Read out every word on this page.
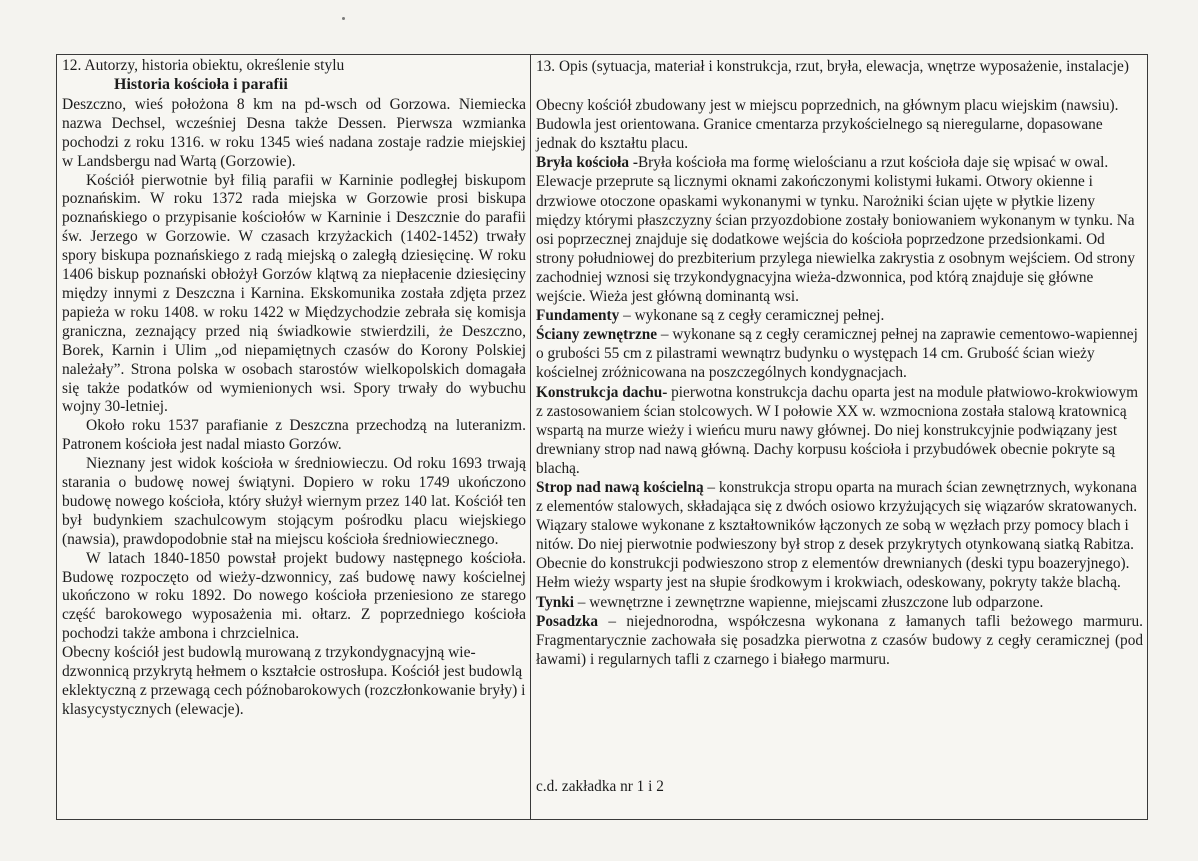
12. Autorzy, historia obiektu, określenie stylu

Historia kościoła i parafii

Deszczno, wieś położona 8 km na pd-wsch od Gorzowa. Niemiecka nazwa Dechsel, wcześniej Desna także Dessen. Pierwsza wzmianka pochodzi z roku 1316. w roku 1345 wieś nadana zostaje radzie miejskiej w Landsbergu nad Wartą (Gorzowie).

Kościół pierwotnie był filią parafii w Karninie podległej biskupom poznańskim. W roku 1372 rada miejska w Gorzowie prosi biskupa poznańskiego o przypisanie kościołów w Karninie i Deszcznie do parafii św. Jerzego w Gorzowie. W czasach krzyżackich (1402-1452) trwały spory biskupa poznańskiego z radą miejską o zaległą dziesięcinę. W roku 1406 biskup poznański obłożył Gorzów klątwą za niepłacenie dziesięciny między innymi z Deszczna i Karnina. Ekskomunika została zdjęta przez papieża w roku 1408. w roku 1422 w Międzychodzie zebrała się komisja graniczna, zeznający przed nią świadkowie stwierdzili, że Deszczno, Borek, Karnin i Ulim „od niepamiętnych czasów do Korony Polskiej należały”. Strona polska w osobach starostów wielkopolskich domagała się także podatków od wymienionych wsi. Spory trwały do wybuchu wojny 30-letniej.

Około roku 1537 parafianie z Deszczna przechodzą na luteranizm. Patronem kościoła jest nadal miasto Gorzów.

Nieznany jest widok kościoła w średniowieczu. Od roku 1693 trwają starania o budowę nowej świątyni. Dopiero w roku 1749 ukończono budowę nowego kościoła, który służył wiernym przez 140 lat. Kościół ten był budynkiem szachulcowym stojącym pośrodku placu wiejskiego (nawsia), prawdopodobnie stał na miejscu kościoła średniowiecznego.

W latach 1840-1850 powstał projekt budowy następnego kościoła. Budowę rozpoczęto od wieży-dzwonnicy, zaś budowę nawy kościelnej ukończono w roku 1892. Do nowego kościoła przeniesiono ze starego część barokowego wyposażenia mi. ołtarz. Z poprzedniego kościoła pochodzi także ambona i chrzcielnica.

Obecny kościół jest budowlą murowaną z trzykondygnacyjną wie-dzwonnicą przykrytą hełmem o kształcie ostrosłupa. Kościół jest budowlą eklektyczną z przewagą cech późnobarokowych (rozczłonkowanie bryły) i klasycystycznych (elewacje).

13. Opis (sytuacja, materiał i konstrukcja, rzut, bryła, elewacja, wnętrze wyposażenie, instalacje)

Obecny kościół zbudowany jest w miejscu poprzednich, na głównym placu wiejskim (nawsiu). Budowla jest orientowana. Granice cmentarza przykościelnego są nieregularne, dopasowane jednak do kształtu placu.

Bryła kościoła -Bryła kościoła ma formę wielościanu a rzut kościoła daje się wpisać w owal. Elewacje przeprute są licznymi oknami zakończonymi kolistymi łukami. Otwory okienne i drzwiowe otoczone opaskami wykonanymi w tynku. Narożniki ścian ujęte w płytkie lizeny między którymi płaszczyzny ścian przyozdobione zostały boniowaniem wykonanym w tynku. Na osi poprzecznej znajduje się dodatkowe wejścia do kościoła poprzedzone przedsionkami. Od strony południowej do prezbiterium przylega niewielka zakrystia z osobnym wejściem. Od strony zachodniej wznosi się trzykondygnacyjna wieża-dzwonnica, pod którą znajduje się główne wejście. Wieża jest główną dominantą wsi.

Fundamenty – wykonane są z cegły ceramicznej pełnej.

Ściany zewnętrzne – wykonane są z cegły ceramicznej pełnej na zaprawie cementowo-wapiennej o grubości 55 cm z pilastrami wewnątrz budynku o występach 14 cm. Grubość ścian wieży kościelnej zróżnicowana na poszczególnych kondygnacjach.

Konstrukcja dachu- pierwotna konstrukcja dachu oparta jest na module płatwiowo-krokwiowym z zastosowaniem ścian stolcowych. W I połowie XX w. wzmocniona została stalową kratownicą wspartą na murze wieży i wieńcu muru nawy głównej. Do niej konstrukcyjnie podwiązany jest drewniany strop nad nawą główną. Dachy korpusu kościoła i przybudówek obecnie pokryte są blachą.

Strop nad nawą kościelną – konstrukcja stropu oparta na murach ścian zewnętrznych, wykonana z elementów stalowych, składająca się z dwóch osiowo krzyżujących się wiązarów skratowanych. Wiązary stalowe wykonane z kształtowników łączonych ze sobą w węzłach przy pomocy blach i nitów. Do niej pierwotnie podwieszony był strop z desek przykrytych otynkowaną siatką Rabitza. Obecnie do konstrukcji podwieszono strop z elementów drewnianych (deski typu boazeryjnego). Hełm wieży wsparty jest na słupie środkowym i krokwiach, odeskowany, pokryty także blachą.

Tynki – wewnętrzne i zewnętrzne wapienne, miejscami złuszczone lub odparzone.

Posadzka – niejednorodna, współczesna wykonana z łamanych tafli beżowego marmuru. Fragmentarycznie zachowała się posadzka pierwotna z czasów budowy z cegły ceramicznej (pod ławami) i regularnych tafli z czarnego i białego marmuru.

c.d. zakładka nr 1 i 2
